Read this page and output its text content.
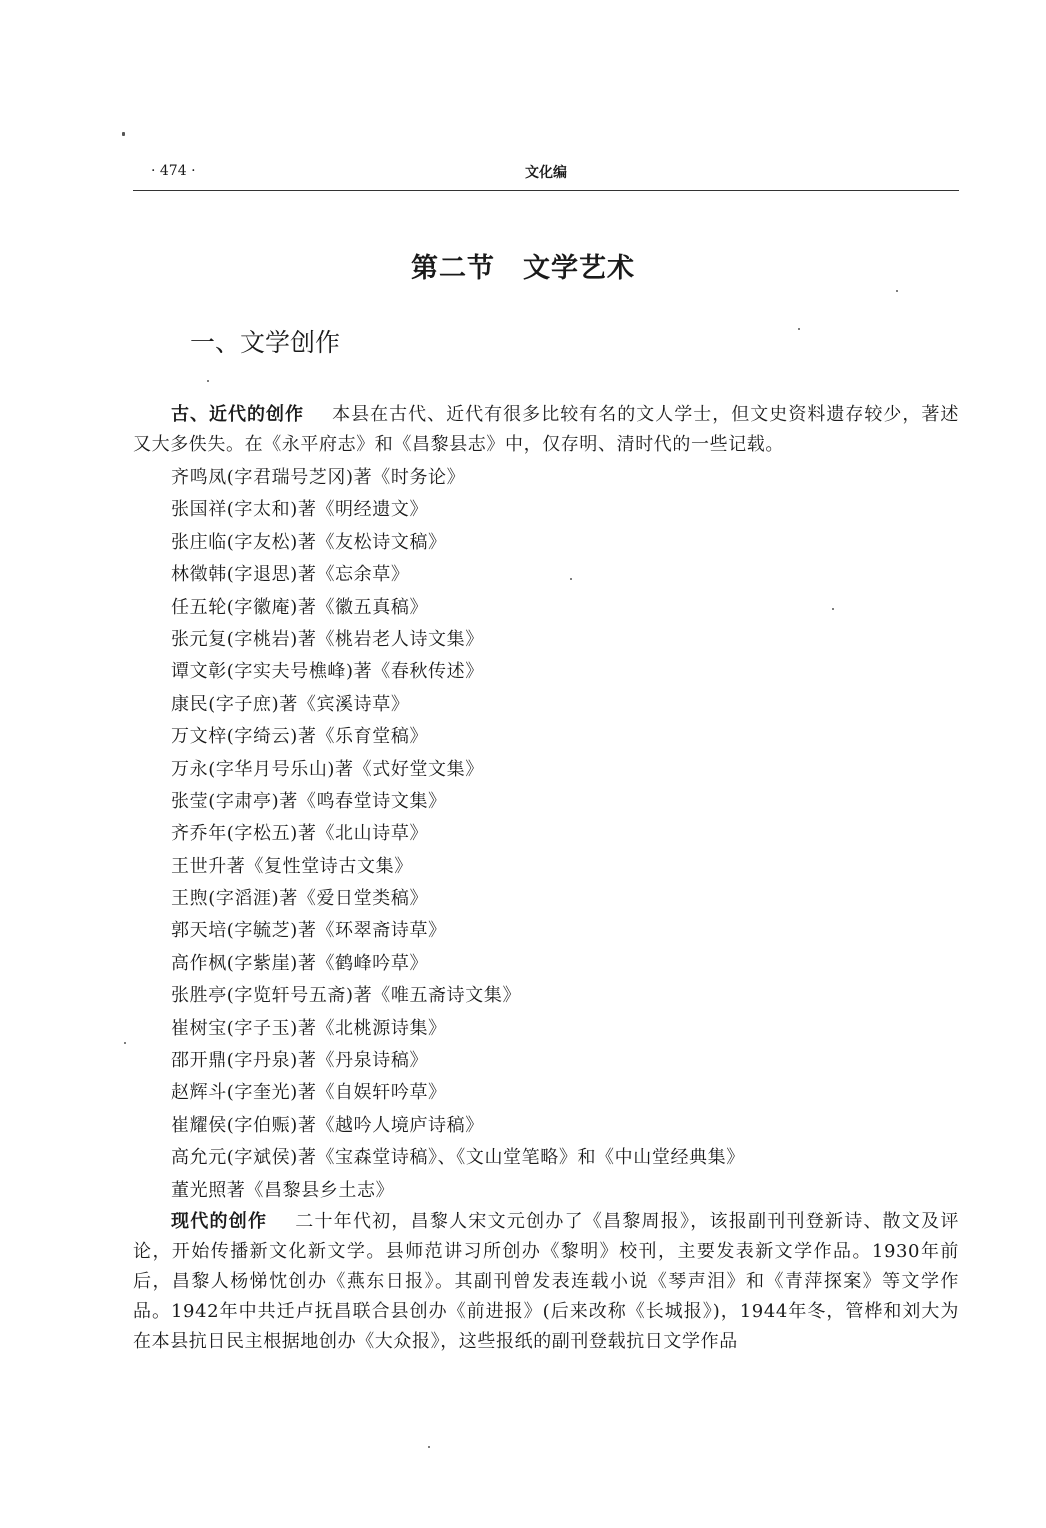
· 474 ·	文化编
第二节　文学艺术
一、文学创作

古、近代的创作 本县在古代、近代有很多比较有名的文人学士，但文史资料遗存较少，著述又大多佚失。在《永平府志》和《昌黎县志》中，仅存明、清时代的一些记载。

齐鸣凤(字君瑞号芝冈)著《时务论》
张国祥(字太和)著《明经遗文》
张庄临(字友松)著《友松诗文稿》
林徵韩(字退思)著《忘余草》
任五轮(字徽庵)著《徽五真稿》
张元复(字桃岩)著《桃岩老人诗文集》
谭文彰(字实夫号樵峰)著《春秋传述》
康民(字子庶)著《宾溪诗草》
万文梓(字绮云)著《乐育堂稿》
万永(字华月号乐山)著《式好堂文集》
张莹(字肃亭)著《鸣春堂诗文集》
齐乔年(字松五)著《北山诗草》
王世升著《复性堂诗古文集》
王煦(字滔涯)著《爱日堂类稿》
郭天培(字毓芝)著《环翠斋诗草》
高作枫(字紫崖)著《鹤峰吟草》
张胜亭(字览轩号五斋)著《唯五斋诗文集》
崔树宝(字子玉)著《北桃源诗集》
邵开鼎(字丹泉)著《丹泉诗稿》
赵辉斗(字奎光)著《自娱轩吟草》
崔耀侯(字伯赈)著《越吟人境庐诗稿》
高允元(字斌侯)著《宝森堂诗稿》、《文山堂笔略》和《中山堂经典集》
董光照著《昌黎县乡土志》

现代的创作 二十年代初，昌黎人宋文元创办了《昌黎周报》，该报副刊刊登新诗、散文及评论，开始传播新文化新文学。县师范讲习所创办《黎明》校刊，主要发表新文学作品。1930年前后，昌黎人杨悌忱创办《燕东日报》。其副刊曾发表连载小说《琴声泪》和《青萍探案》等文学作品。1942年中共迁卢抚昌联合县创办《前进报》(后来改称《长城报》)，1944年冬，管桦和刘大为在本县抗日民主根据地创办《大众报》，这些报纸的副刊登载抗日文学作品
